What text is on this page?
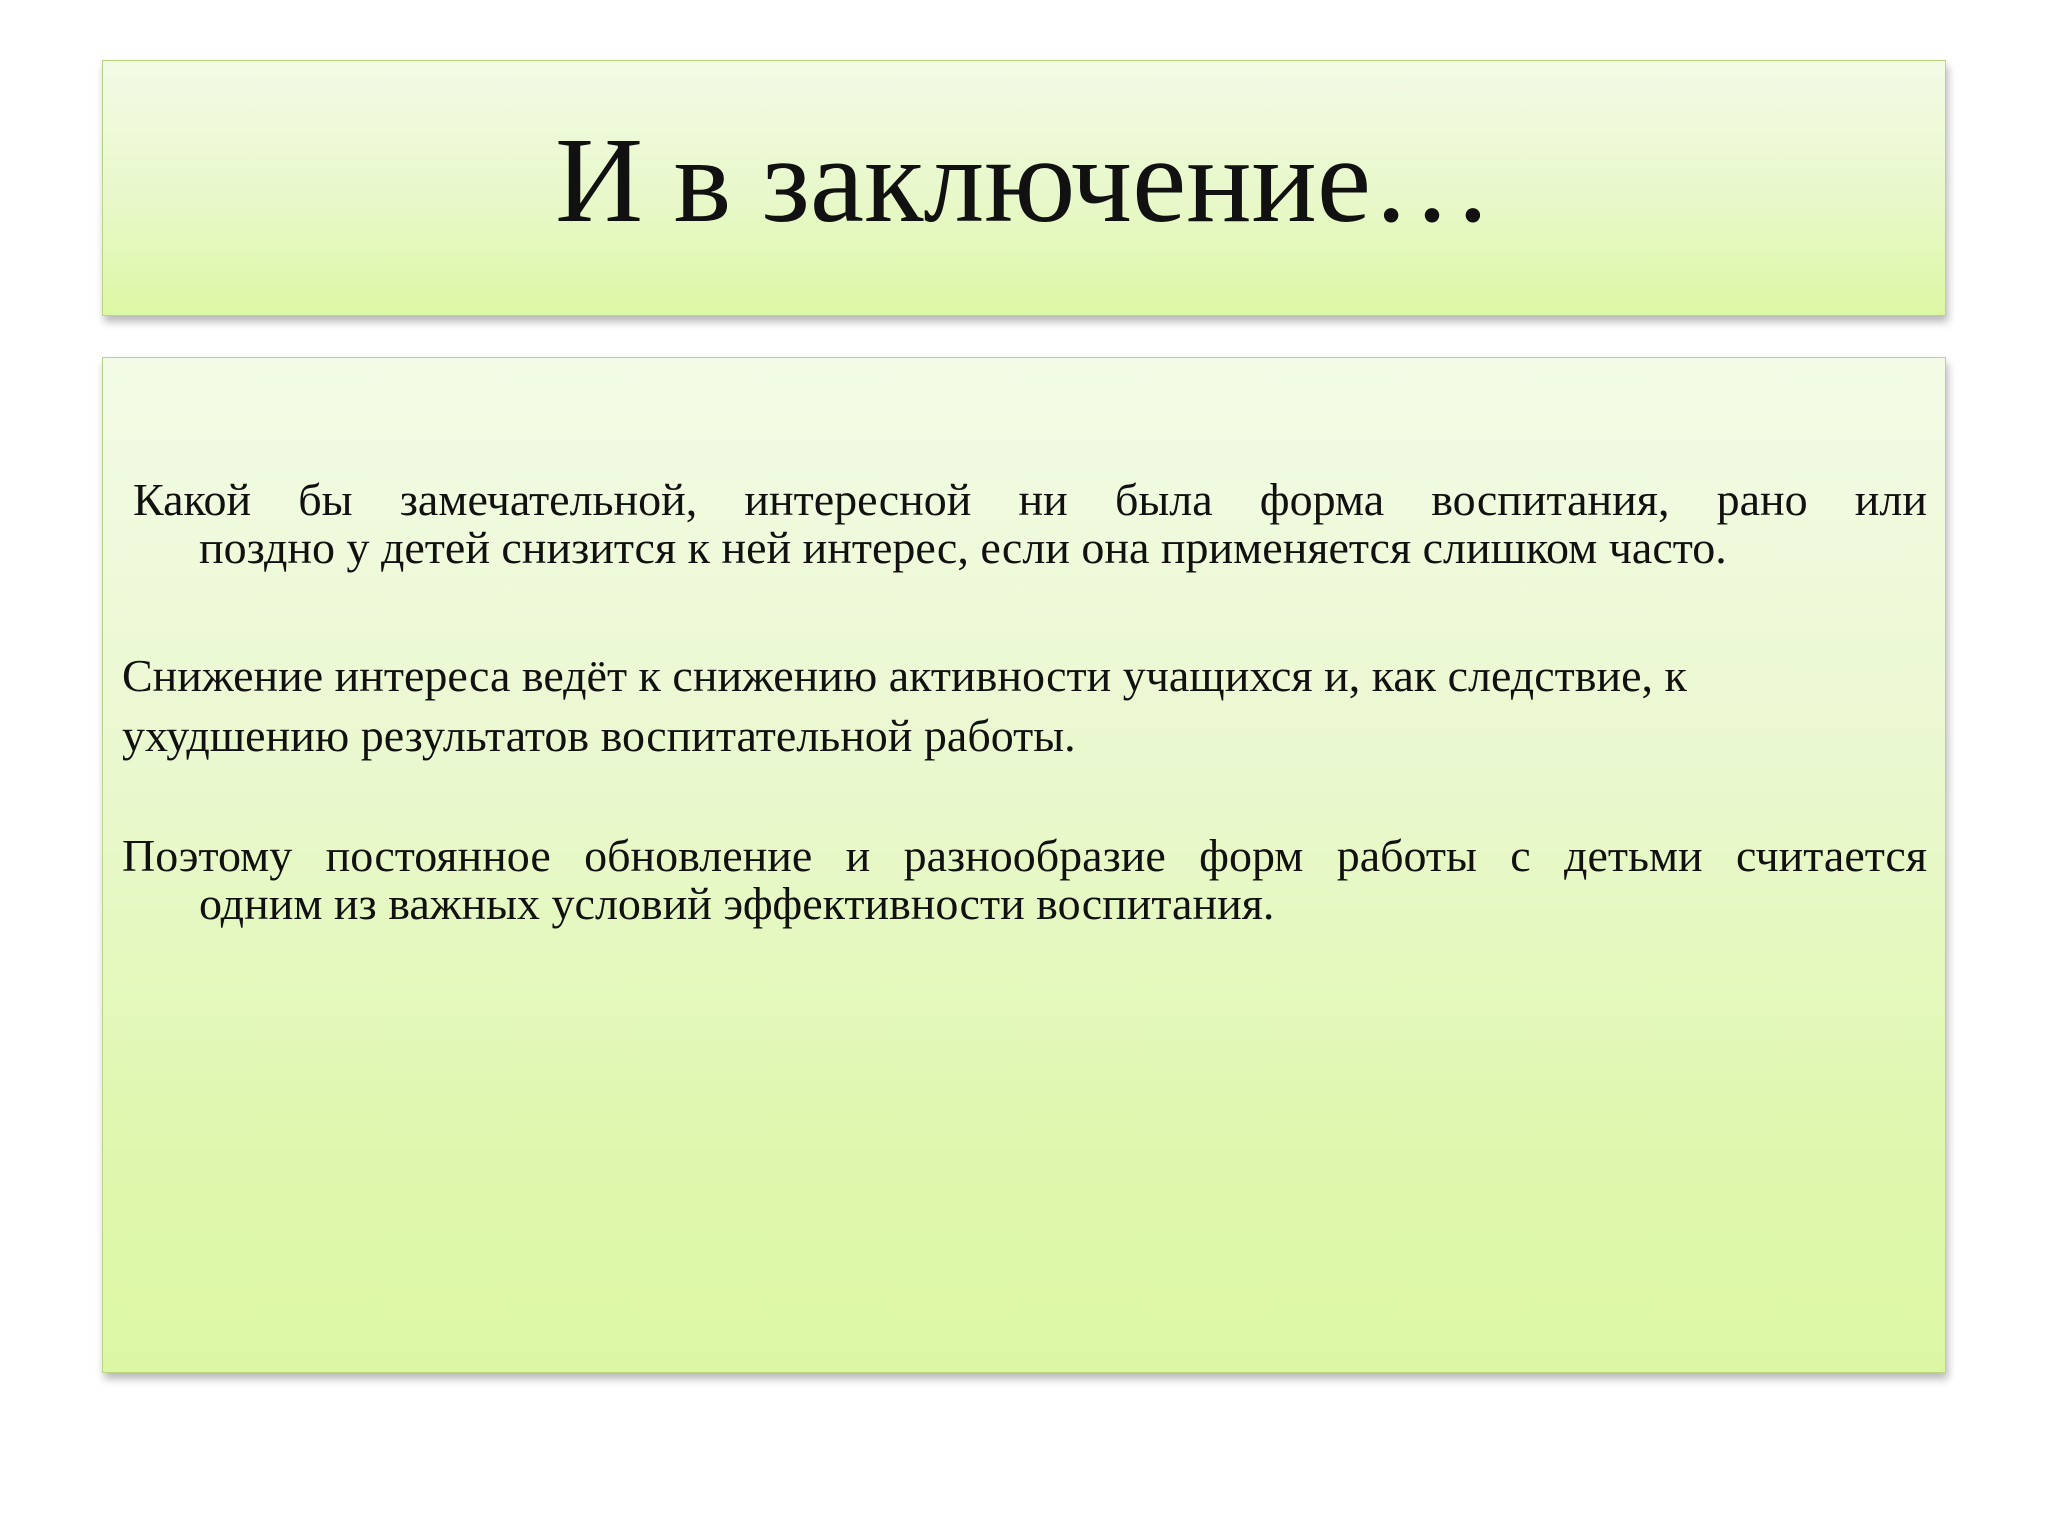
И в заключение…
Какой бы замечательной, интересной ни была форма воспитания, рано или
поздно у детей снизится к ней интерес, если она применяется слишком часто.
Снижение интереса ведёт к снижению активности учащихся и, как следствие, к
ухудшению результатов воспитательной работы.
Поэтому постоянное обновление и разнообразие форм работы с детьми считается
одним из важных условий эффективности воспитания.
